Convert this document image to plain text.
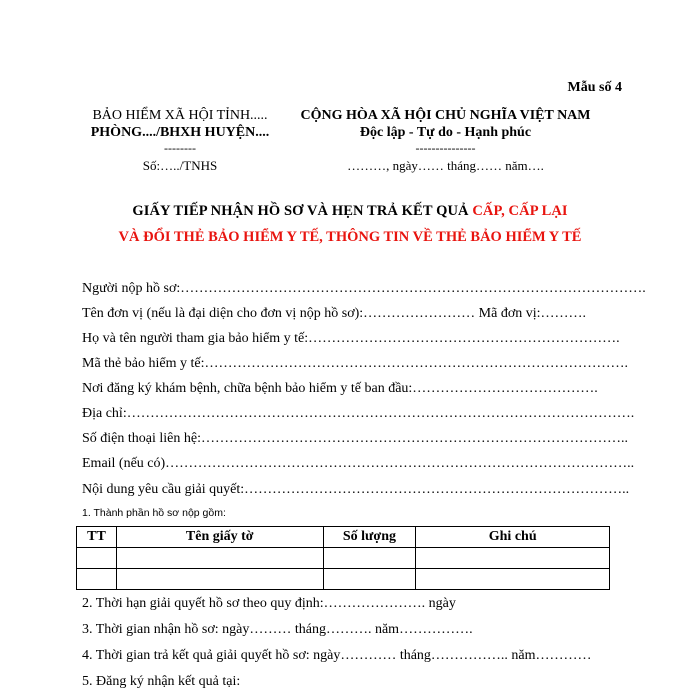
Mẫu số 4
BẢO HIỂM XÃ HỘI TỈNH.....
PHÒNG..../BHXH HUYỆN....
--------
Số:…../TNHS
CỘNG HÒA XÃ HỘI CHỦ NGHĨA VIỆT NAM
Độc lập - Tự do - Hạnh phúc
---------------
………, ngày…… tháng…… năm….
GIẤY TIẾP NHẬN HỒ SƠ VÀ HẸN TRẢ KẾT QUẢ CẤP, CẤP LẠI
VÀ ĐỔI THẺ BẢO HIỂM Y TẾ, THÔNG TIN VỀ THẺ BẢO HIỂM Y TẾ
Người nộp hồ sơ:……………………………………………………………………………………….
Tên đơn vị (nếu là đại diện cho đơn vị nộp hồ sơ):…………………… Mã đơn vị:……….
Họ và tên người tham gia bảo hiểm y tế:………………………………………………………….
Mã thẻ bảo hiểm y tế:……………………………………………………………………………….
Nơi đăng ký khám bệnh, chữa bệnh bảo hiểm y tế ban đầu:………………………………….
Địa chỉ:……………………………………………………………………………………………….
Số điện thoại liên hệ:………………………………………………………………………………..
Email (nếu có)………………………………………………………………………………………..
Nội dung yêu cầu giải quyết:………………………………………………………………………..
1. Thành phần hồ sơ nộp gồm:
TT	Tên giấy tờ	Số lượng	Ghi chú

2. Thời hạn giải quyết hồ sơ theo quy định:…………………. ngày
3. Thời gian nhận hồ sơ: ngày……… tháng………. năm…………….
4. Thời gian trả kết quả giải quyết hồ sơ: ngày………… tháng…………….. năm…………
5. Đăng ký nhận kết quả tại:
